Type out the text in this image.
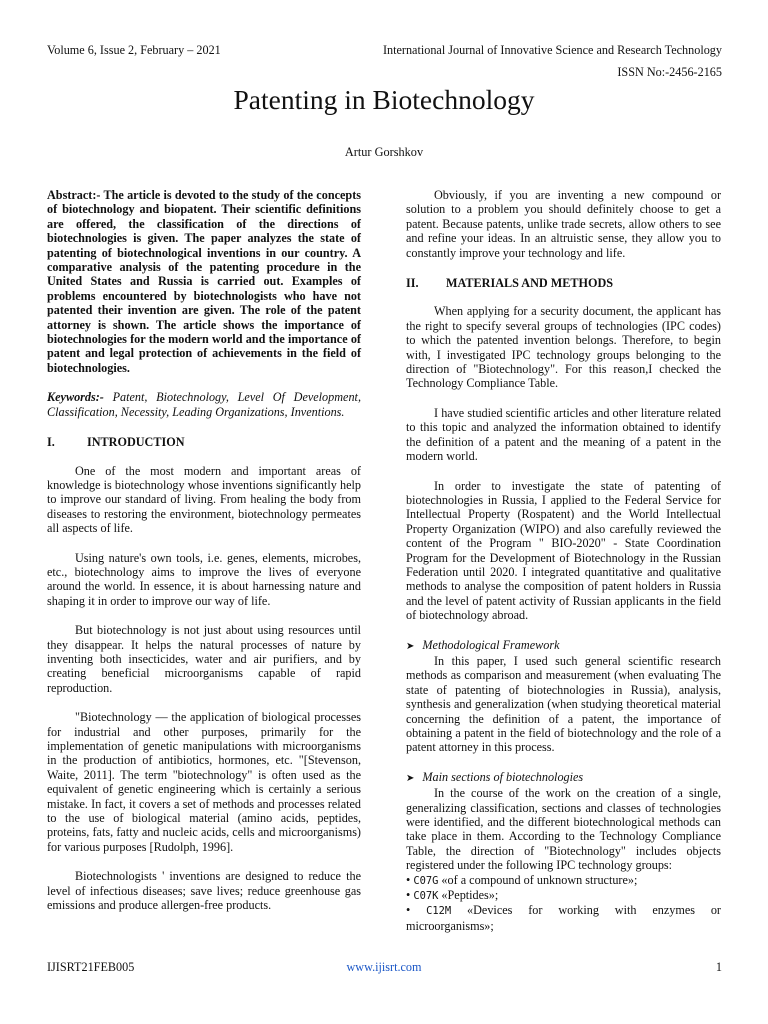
Volume 6, Issue 2, February – 2021	International Journal of Innovative Science and Research Technology
ISSN No:-2456-2165
Patenting in Biotechnology
Artur Gorshkov

Abstract:- The article is devoted to the study of the concepts of biotechnology and biopatent. Their scientific definitions are offered, the classification of the directions of biotechnologies is given. The paper analyzes the state of patenting of biotechnological inventions in our country. A comparative analysis of the patenting procedure in the United States and Russia is carried out. Examples of problems encountered by biotechnologists who have not patented their invention are given. The role of the patent attorney is shown. The article shows the importance of biotechnologies for the modern world and the importance of patent and legal protection of achievements in the field of biotechnologies.

Keywords:- Patent, Biotechnology, Level Of Development, Classification, Necessity, Leading Organizations, Inventions.

I.	INTRODUCTION

One of the most modern and important areas of knowledge is biotechnology whose inventions significantly help to improve our standard of living. From healing the body from diseases to restoring the environment, biotechnology permeates all aspects of life.

Using nature's own tools, i.e. genes, elements, microbes, etc., biotechnology aims to improve the lives of everyone around the world. In essence, it is about harnessing nature and shaping it in order to improve our way of life.

But biotechnology is not just about using resources until they disappear. It helps the natural processes of nature by inventing both insecticides, water and air purifiers, and by creating beneficial microorganisms capable of rapid reproduction.

"Biotechnology — the application of biological processes for industrial and other purposes, primarily for the implementation of genetic manipulations with microorganisms in the production of antibiotics, hormones, etc. "[Stevenson, Waite, 2011]. The term "biotechnology" is often used as the equivalent of genetic engineering which is certainly a serious mistake. In fact, it covers a set of methods and processes related to the use of biological material (amino acids, peptides, proteins, fats, fatty and nucleic acids, cells and microorganisms) for various purposes [Rudolph, 1996].

Biotechnologists ' inventions are designed to reduce the level of infectious diseases; save lives; reduce greenhouse gas emissions and produce allergen-free products.

Obviously, if you are inventing a new compound or solution to a problem you should definitely choose to get a patent. Because patents, unlike trade secrets, allow others to see and refine your ideas. In an altruistic sense, they allow you to constantly improve your technology and life.

II. MATERIALS AND METHODS

When applying for a security document, the applicant has the right to specify several groups of technologies (IPC codes) to which the patented invention belongs. Therefore, to begin with, I investigated IPC technology groups belonging to the direction of "Biotechnology". For this reason,I checked the Technology Compliance Table.

I have studied scientific articles and other literature related to this topic and analyzed the information obtained to identify the definition of a patent and the meaning of a patent in the modern world.

In order to investigate the state of patenting of biotechnologies in Russia, I applied to the Federal Service for Intellectual Property (Rospatent) and the World Intellectual Property Organization (WIPO) and also carefully reviewed the content of the Program " BIO-2020" - State Coordination Program for the Development of Biotechnology in the Russian Federation until 2020. I integrated quantitative and qualitative methods to analyse the composition of patent holders in Russia and the level of patent activity of Russian applicants in the field of biotechnology abroad.

➤ Methodological Framework

In this paper, I used such general scientific research methods as comparison and measurement (when evaluating The state of patenting of biotechnologies in Russia), analysis, synthesis and generalization (when studying theoretical material concerning the definition of a patent, the importance of obtaining a patent in the field of biotechnology and the role of a patent attorney in this process.

➤ Main sections of biotechnologies

In the course of the work on the creation of a single, generalizing classification, sections and classes of technologies were identified, and the different biotechnological methods can take place in them. According to the Technology Compliance Table, the direction of "Biotechnology" includes objects registered under the following IPC technology groups:

• C07G «of a compound of unknown structure»;

• C07K «Peptides»;

• C12M «Devices for working with enzymes or microorganisms»;

IJISRT21FEB005	www.ijisrt.com	1
